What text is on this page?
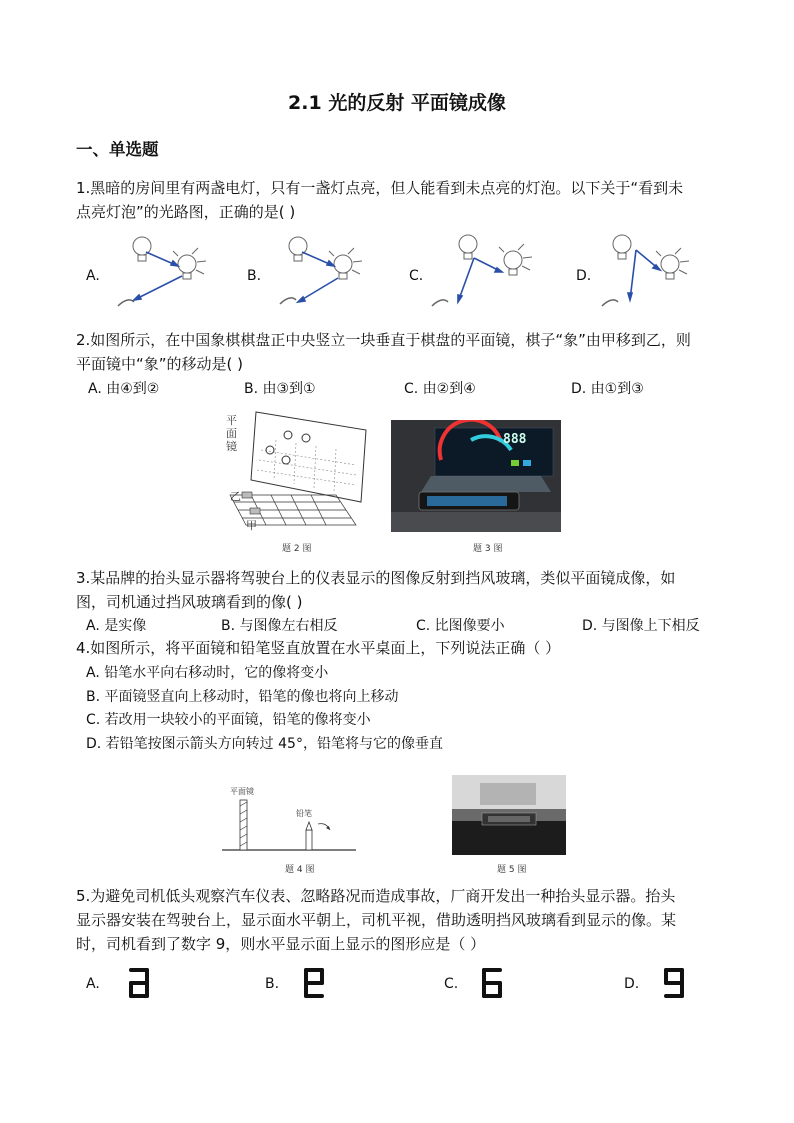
2.1 光的反射 平面镜成像
一、单选题
1.黑暗的房间里有两盏电灯，只有一盏灯点亮，但人能看到未点亮的灯泡。以下关于“看到未
点亮灯泡”的光路图，正确的是( )
A.	B.	C.	D.
2.如图所示，在中国象棋棋盘正中央竖立一块垂直于棋盘的平面镜，棋子“象”由甲移到乙，则
平面镜中“象”的移动是( )
A. 由④到②	B. 由③到①	C. 由②到④	D. 由①到③
平
面
镜
乙
甲
题 2 图
888
题 3 图
3.某品牌的抬头显示器将驾驶台上的仪表显示的图像反射到挡风玻璃，类似平面镜成像，如
图，司机通过挡风玻璃看到的像( )
A. 是实像	B. 与图像左右相反	C. 比图像要小	D. 与图像上下相反
4.如图所示，将平面镜和铅笔竖直放置在水平桌面上，下列说法正确（ ）
A. 铅笔水平向右移动时，它的像将变小
B. 平面镜竖直向上移动时，铅笔的像也将向上移动
C. 若改用一块较小的平面镜，铅笔的像将变小
D. 若铅笔按图示箭头方向转过 45°，铅笔将与它的像垂直
平面镜
铅笔
题 4 图	题 5 图
5.为避免司机低头观察汽车仪表、忽略路况而造成事故，厂商开发出一种抬头显示器。抬头
显示器安装在驾驶台上，显示面水平朝上，司机平视，借助透明挡风玻璃看到显示的像。某
时，司机看到了数字 9，则水平显示面上显示的图形应是（ ）
A.	B.	C.	D.
